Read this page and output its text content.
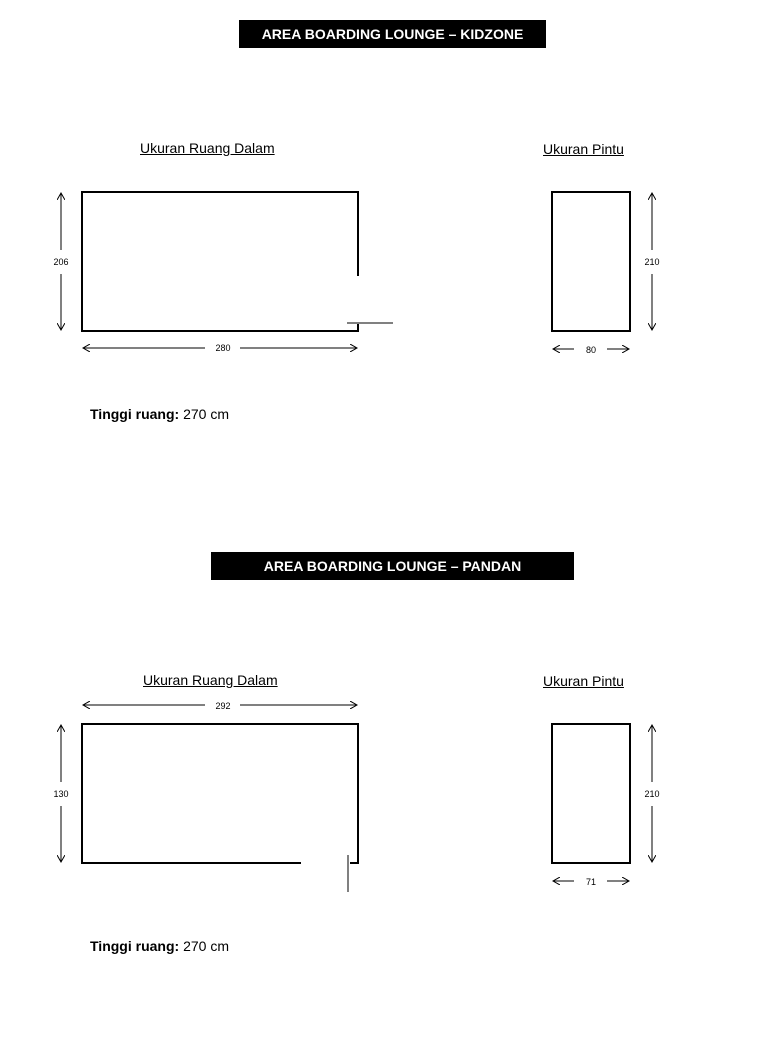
AREA BOARDING LOUNGE – KIDZONE
Ukuran Ruang Dalam	Ukuran Pintu
206
280
210
80
Tinggi ruang: 270 cm
AREA BOARDING LOUNGE – PANDAN
Ukuran Ruang Dalam	Ukuran Pintu
292
130	210
71
Tinggi ruang: 270 cm
